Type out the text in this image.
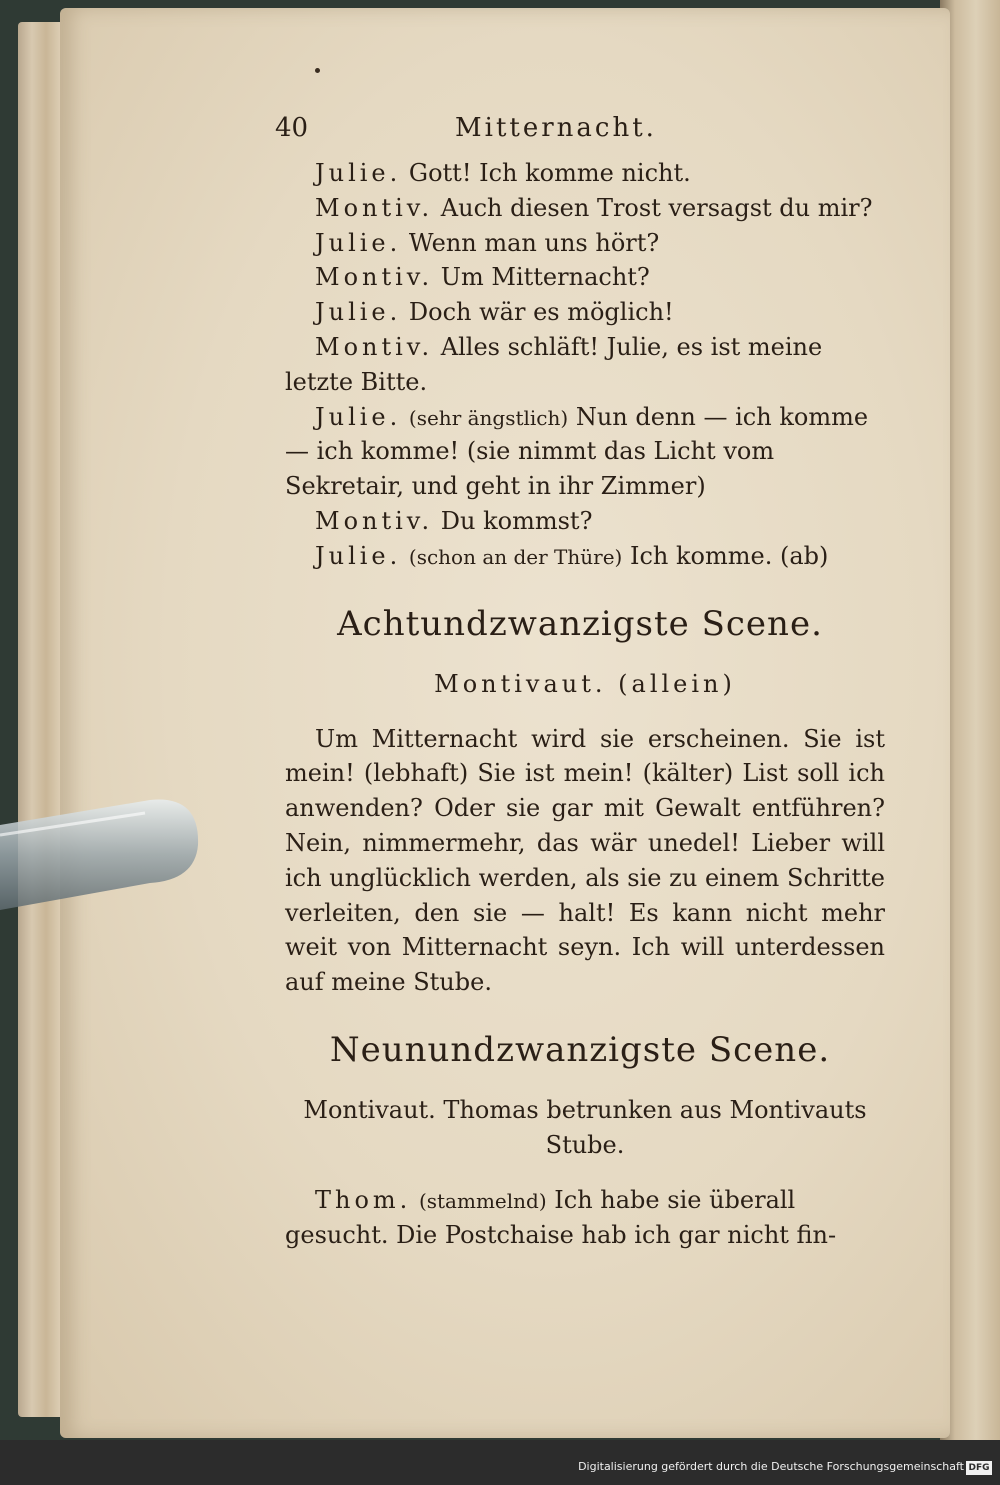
40	Mitternacht.

Julie. Gott! Ich komme nicht.

Montiv. Auch diesen Trost versagst du mir?

Julie. Wenn man uns hört?

Montiv. Um Mitternacht?

Julie. Doch wär es möglich!

Montiv. Alles schläft! Julie, es ist meine letzte Bitte.

Julie. (sehr ängstlich) Nun denn — ich komme — ich komme! (sie nimmt das Licht vom Sekretair, und geht in ihr Zimmer)

Montiv. Du kommst?

Julie. (schon an der Thüre) Ich komme. (ab)

Achtundzwanzigste Scene.
Montivaut. (allein)

Um Mitternacht wird sie erscheinen. Sie ist mein! (lebhaft) Sie ist mein! (kälter) List soll ich anwenden? Oder sie gar mit Gewalt entführen? Nein, nimmermehr, das wär unedel! Lieber will ich unglücklich werden, als sie zu einem Schritte verleiten, den sie — halt! Es kann nicht mehr weit von Mitternacht seyn. Ich will unterdessen auf meine Stube.

Neunundzwanzigste Scene.
Montivaut. Thomas betrunken aus Montivauts Stube.

Thom. (stammelnd) Ich habe sie überall gesucht. Die Postchaise hab ich gar nicht fin-

Digitalisierung gefördert durch die Deutsche Forschungsgemeinschaft DFG
